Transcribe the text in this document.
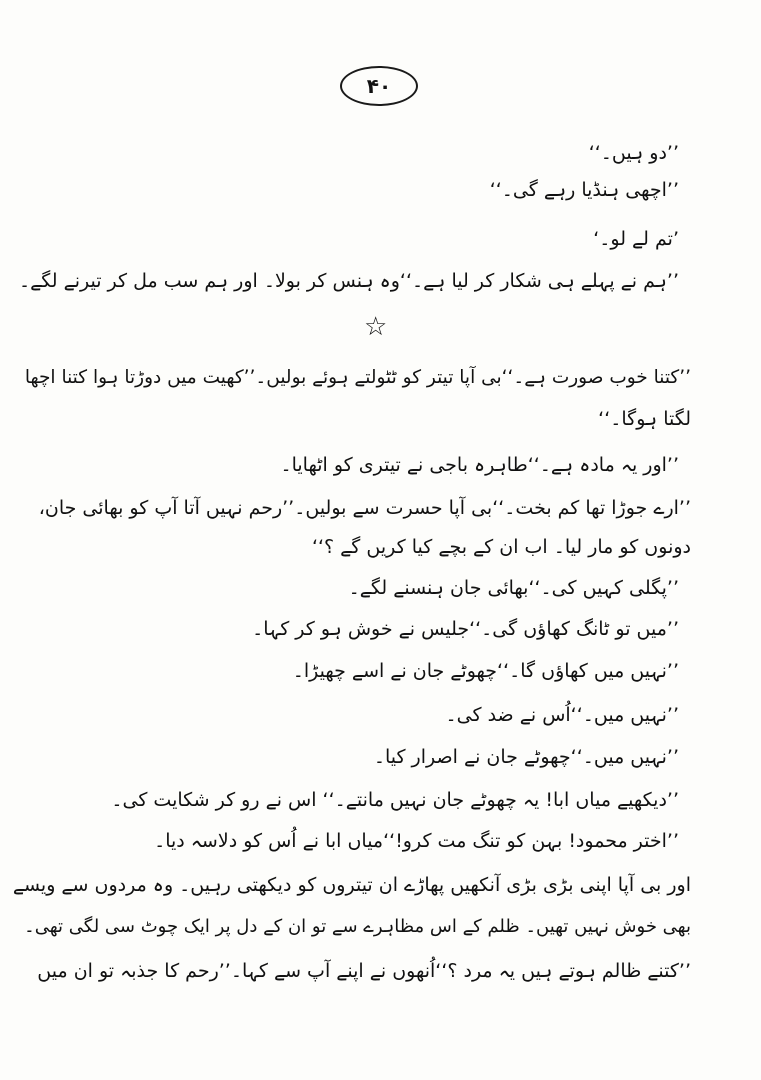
۴۰
’’دو ہیں۔‘‘
’’اچھی ہنڈیا رہے گی۔‘‘
’تم لے لو۔‘
’’ہم نے پہلے ہی شکار کر لیا ہے۔‘‘وہ ہنس کر بولا۔ اور ہم سب مل کر تیرنے لگے۔
☆
’’کتنا خوب صورت ہے۔‘‘بی آپا تیتر کو ٹٹولتے ہوئے بولیں۔’’کھیت میں دوڑتا ہوا کتنا اچھا
لگتا ہوگا۔‘‘
’’اور یہ مادہ ہے۔‘‘طاہرہ باجی نے تیتری کو اٹھایا۔
’’ارے جوڑا تھا کم بخت۔‘‘بی آپا حسرت سے بولیں۔’’رحم نہیں آتا آپ کو بھائی جان،
دونوں کو مار لیا۔ اب ان کے بچے کیا کریں گے ؟‘‘
’’پگلی کہیں کی۔‘‘بھائی جان ہنسنے لگے۔
’’میں تو ٹانگ کھاؤں گی۔‘‘جلیس نے خوش ہو کر کہا۔
’’نہیں میں کھاؤں گا۔‘‘چھوٹے جان نے اسے چھیڑا۔
’’نہیں میں۔‘‘اُس نے ضد کی۔
’’نہیں میں۔‘‘چھوٹے جان نے اصرار کیا۔
’’دیکھیے میاں ابا! یہ چھوٹے جان نہیں مانتے۔‘‘ اس نے رو کر شکایت کی۔
’’اختر محمود! بہن کو تنگ مت کرو!‘‘میاں ابا نے اُس کو دلاسہ دیا۔
اور بی آپا اپنی بڑی بڑی آنکھیں پھاڑے ان تیتروں کو دیکھتی رہیں۔ وہ مردوں سے ویسے
بھی خوش نہیں تھیں۔ ظلم کے اس مظاہرے سے تو ان کے دل پر ایک چوٹ سی لگی تھی۔
’’کتنے ظالم ہوتے ہیں یہ مرد ؟‘‘اُنھوں نے اپنے آپ سے کہا۔’’رحم کا جذبہ تو ان میں
